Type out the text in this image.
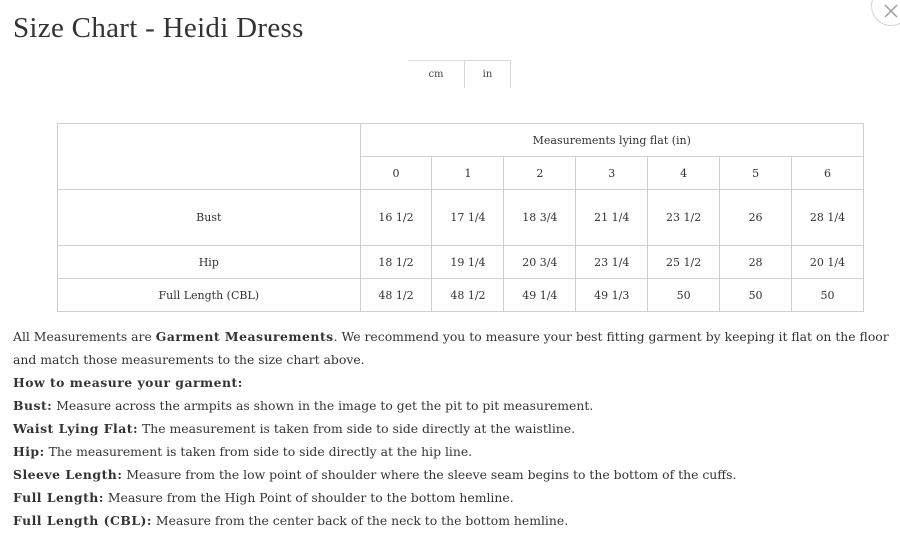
Size Chart - Heidi Dress
cm	in
	Measurements lying flat (in)						
	0	1	2	3	4	5	6
Bust	16 1/2	17 1/4	18 3/4	21 1/4	23 1/2	26	28 1/4
Hip	18 1/2	19 1/4	20 3/4	23 1/4	25 1/2	28	20 1/4
Full Length (CBL)	48 1/2	48 1/2	49 1/4	49 1/3	50	50	50

All Measurements are Garment Measurements. We recommend you to measure your best fitting garment by keeping it flat on the floor and match those measurements to the size chart above.

How to measure your garment:

Bust: Measure across the armpits as shown in the image to get the pit to pit measurement.

Waist Lying Flat: The measurement is taken from side to side directly at the waistline.

Hip: The measurement is taken from side to side directly at the hip line.

Sleeve Length: Measure from the low point of shoulder where the sleeve seam begins to the bottom of the cuffs.

Full Length: Measure from the High Point of shoulder to the bottom hemline.

Full Length (CBL): Measure from the center back of the neck to the bottom hemline.
